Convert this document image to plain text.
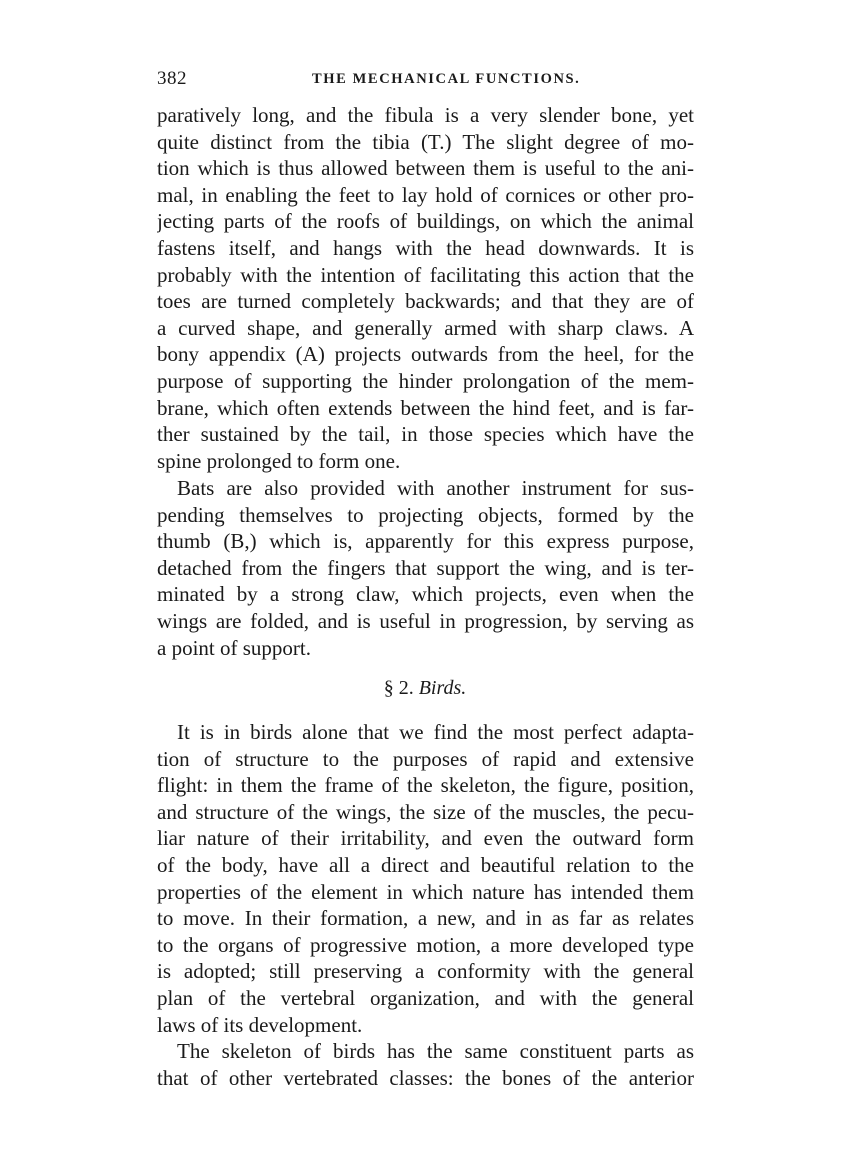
382	THE MECHANICAL FUNCTIONS.
paratively long, and the fibula is a very slender bone, yet
quite distinct from the tibia (T.) The slight degree of mo-
tion which is thus allowed between them is useful to the ani-
mal, in enabling the feet to lay hold of cornices or other pro-
jecting parts of the roofs of buildings, on which the animal
fastens itself, and hangs with the head downwards. It is
probably with the intention of facilitating this action that the
toes are turned completely backwards; and that they are of
a curved shape, and generally armed with sharp claws. A
bony appendix (A) projects outwards from the heel, for the
purpose of supporting the hinder prolongation of the mem-
brane, which often extends between the hind feet, and is far-
ther sustained by the tail, in those species which have the
spine prolonged to form one.
Bats are also provided with another instrument for sus-
pending themselves to projecting objects, formed by the
thumb (B,) which is, apparently for this express purpose,
detached from the fingers that support the wing, and is ter-
minated by a strong claw, which projects, even when the
wings are folded, and is useful in progression, by serving as
a point of support.
§ 2. Birds.
It is in birds alone that we find the most perfect adapta-
tion of structure to the purposes of rapid and extensive
flight: in them the frame of the skeleton, the figure, position,
and structure of the wings, the size of the muscles, the pecu-
liar nature of their irritability, and even the outward form
of the body, have all a direct and beautiful relation to the
properties of the element in which nature has intended them
to move. In their formation, a new, and in as far as relates
to the organs of progressive motion, a more developed type
is adopted; still preserving a conformity with the general
plan of the vertebral organization, and with the general
laws of its development.
The skeleton of birds has the same constituent parts as
that of other vertebrated classes: the bones of the anterior
